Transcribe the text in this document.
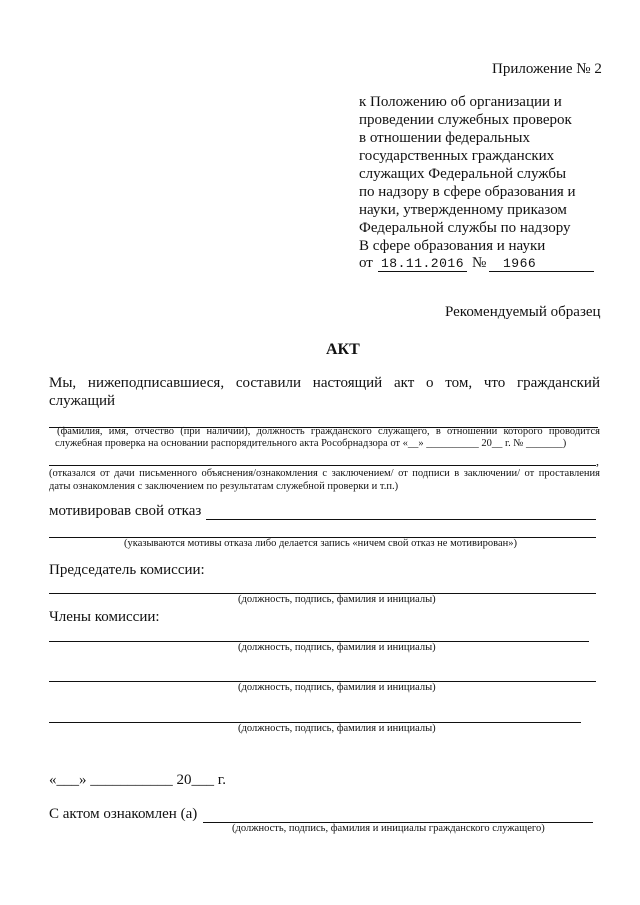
Приложение № 2
к Положению об организации и
проведении служебных проверок
в отношении федеральных
государственных гражданских
служащих Федеральной службы
по надзору в сфере образования и
науки, утвержденному приказом
Федеральной службы по надзору
В сфере образования и науки
от 18.11.2016 № 1966
Рекомендуемый образец
АКТ
Мы, нижеподписавшиеся, составили настоящий акт о том, что гражданский
служащий
(фамилия, имя, отчество (при наличии), должность гражданского служащего, в отношении которого проводится
служебная проверка на основании распорядительного акта Рособрнадзора от «__» __________ 20__ г. № _______)
,
(отказался от дачи письменного объяснения/ознакомления с заключением/ от подписи в заключении/ от проставления
даты ознакомления с заключением по результатам служебной проверки и т.п.)
мотивировав свой отказ
(указываются мотивы отказа либо делается запись «ничем свой отказ не мотивирован»)
Председатель комиссии:
(должность, подпись, фамилия и инициалы)
Члены комиссии:
(должность, подпись, фамилия и инициалы)
(должность, подпись, фамилия и инициалы)
(должность, подпись, фамилия и инициалы)
«___» ___________ 20___ г.
С актом ознакомлен (а)
(должность, подпись, фамилия и инициалы гражданского служащего)
